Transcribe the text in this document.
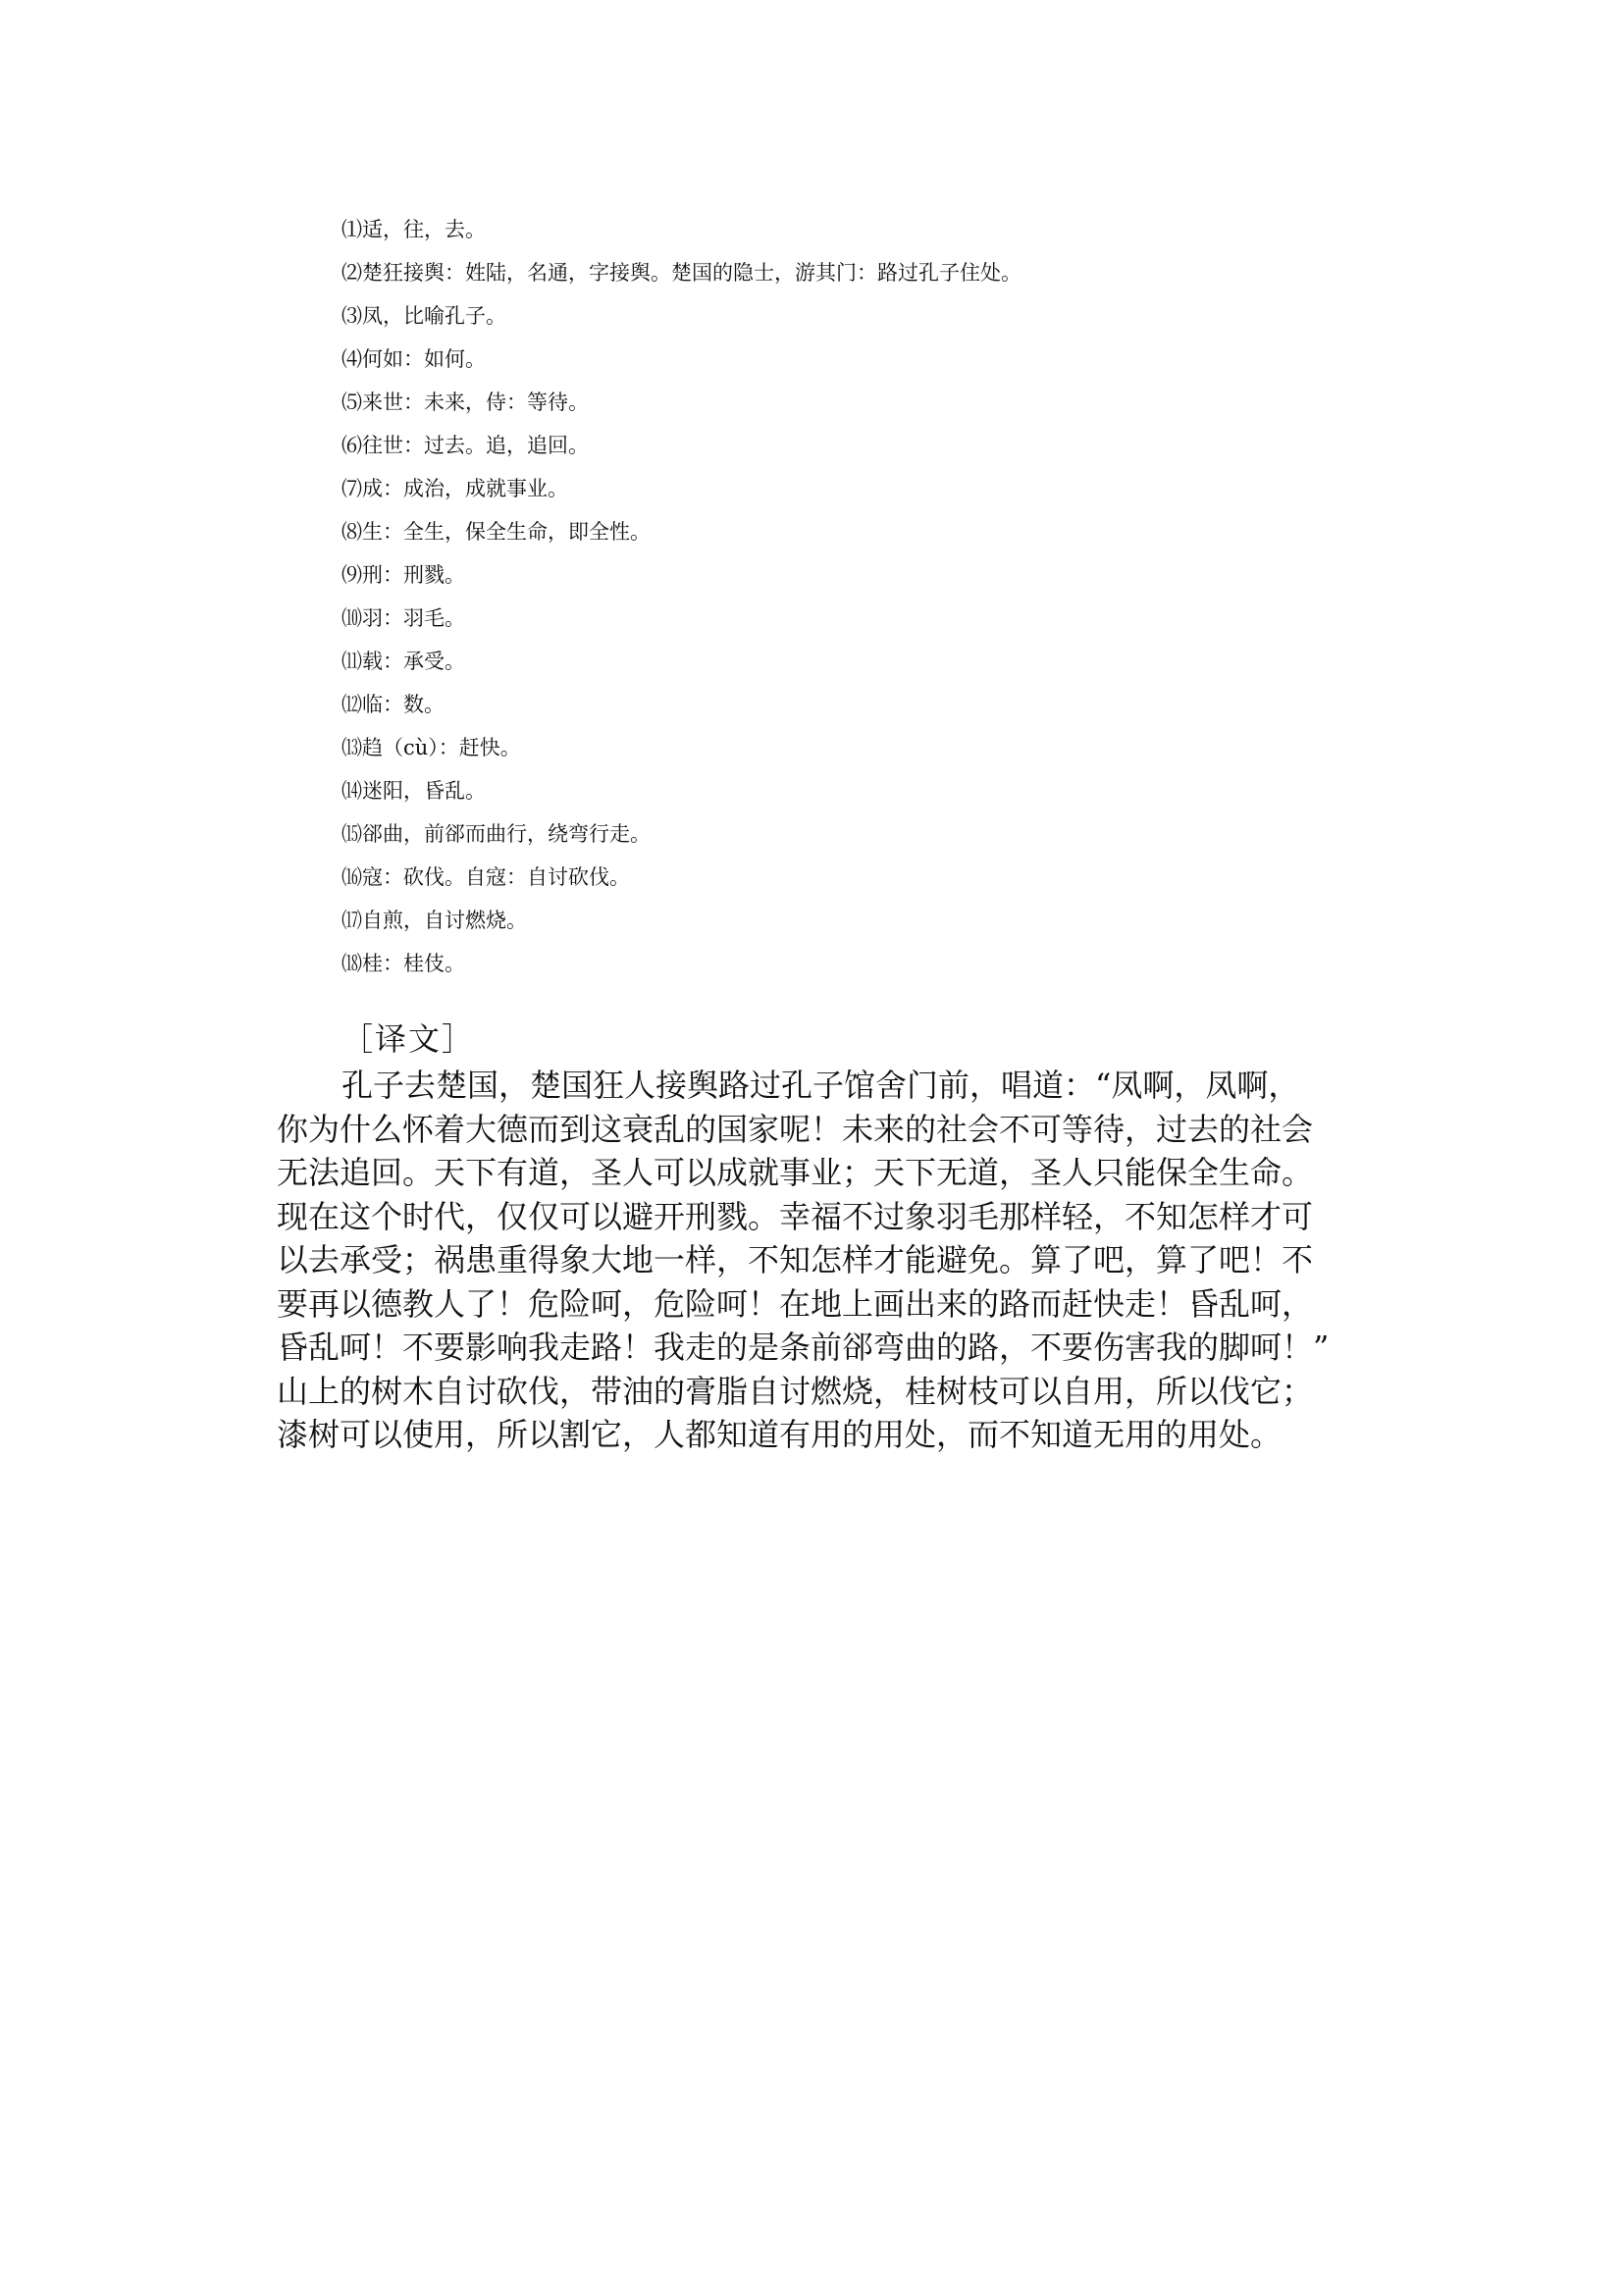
⑴适，往，去。
⑵楚狂接舆：姓陆，名通，字接舆。楚国的隐士，游其门：路过孔子住处。
⑶凤，比喻孔子。
⑷何如：如何。
⑸来世：未来，侍：等待。
⑹往世：过去。追，追回。
⑺成：成治，成就事业。
⑻生：全生，保全生命，即全性。
⑼刑：刑戮。
⑽羽：羽毛。
⑾载：承受。
⑿临：数。
⒀趋（cù）：赶快。
⒁迷阳，昏乱。
⒂郤曲，前郤而曲行，绕弯行走。
⒃寇：砍伐。自寇：自讨砍伐。
⒄自煎，自讨燃烧。
⒅桂：桂伎。
［译文］
孔子去楚国，楚国狂人接舆路过孔子馆舍门前，唱道：“凤啊，凤啊，
你为什么怀着大德而到这衰乱的国家呢！未来的社会不可等待，过去的社会
无法追回。天下有道，圣人可以成就事业；天下无道，圣人只能保全生命。
现在这个时代，仅仅可以避开刑戮。幸福不过象羽毛那样轻，不知怎样才可
以去承受；祸患重得象大地一样，不知怎样才能避免。算了吧，算了吧！不
要再以德教人了！危险呵，危险呵！在地上画出来的路而赶快走！昏乱呵，
昏乱呵！不要影响我走路！我走的是条前郤弯曲的路，不要伤害我的脚呵！”
山上的树木自讨砍伐，带油的膏脂自讨燃烧，桂树枝可以自用，所以伐它；
漆树可以使用，所以割它，人都知道有用的用处，而不知道无用的用处。
